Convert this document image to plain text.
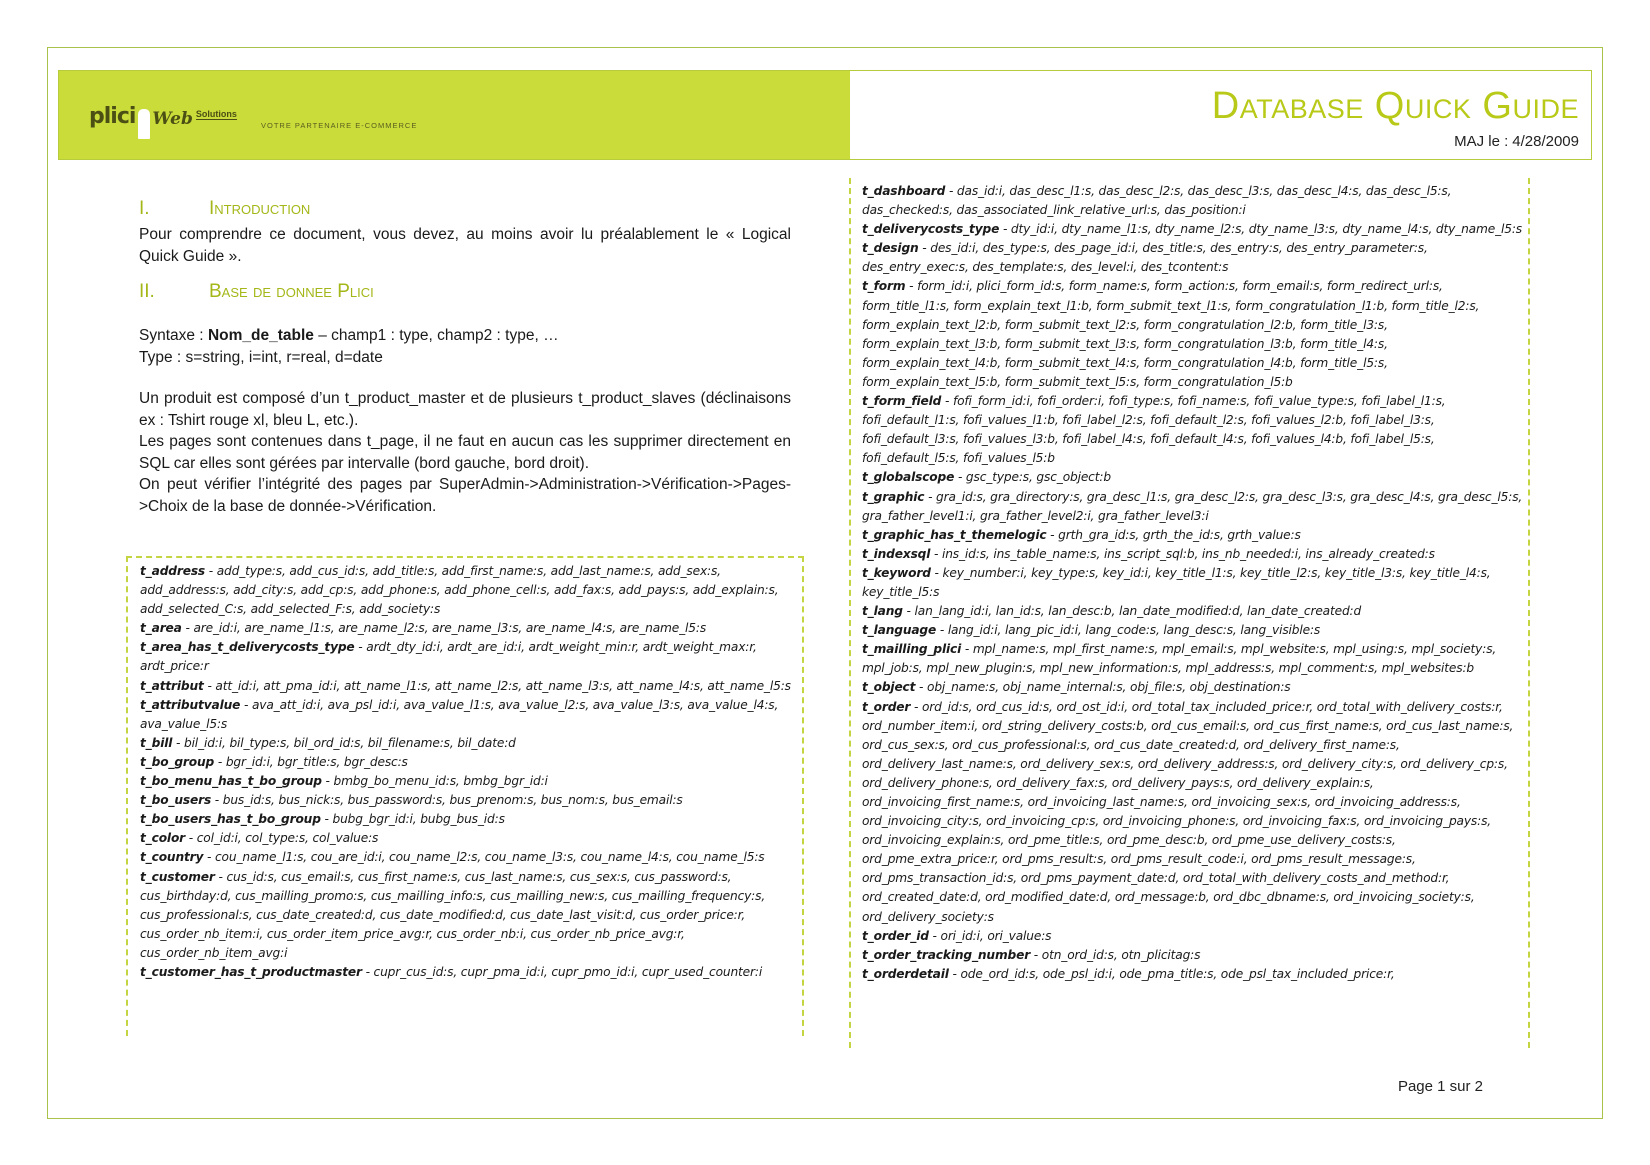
plici Web Solutions
VOTRE PARTENAIRE E-COMMERCE	Database Quick Guide
MAJ le : 4/28/2009
I.	Introduction

Pour comprendre ce document, vous devez, au moins avoir lu préalablement le « Logical Quick Guide ».

II.	Base de donnee Plici

Syntaxe : Nom_de_table – champ1 : type, champ2 : type, …

Type : s=string, i=int, r=real, d=date

Un produit est composé d’un t_product_master et de plusieurs t_product_slaves (déclinaisons ex : Tshirt rouge xl, bleu L, etc.).

Les pages sont contenues dans t_page, il ne faut en aucun cas les supprimer directement en SQL car elles sont gérées par intervalle (bord gauche, bord droit).

On peut vérifier l’intégrité des pages par SuperAdmin->Administration->Vérification->Pages->Choix de la base de donnée->Vérification.

t_address - add_type:s, add_cus_id:s, add_title:s, add_first_name:s, add_last_name:s, add_sex:s, add_address:s, add_city:s, add_cp:s, add_phone:s, add_phone_cell:s, add_fax:s, add_pays:s, add_explain:s, add_selected_C:s, add_selected_F:s, add_society:s

t_area - are_id:i, are_name_l1:s, are_name_l2:s, are_name_l3:s, are_name_l4:s, are_name_l5:s

t_area_has_t_deliverycosts_type - ardt_dty_id:i, ardt_are_id:i, ardt_weight_min:r, ardt_weight_max:r, ardt_price:r

t_attribut - att_id:i, att_pma_id:i, att_name_l1:s, att_name_l2:s, att_name_l3:s, att_name_l4:s, att_name_l5:s

t_attributvalue - ava_att_id:i, ava_psl_id:i, ava_value_l1:s, ava_value_l2:s, ava_value_l3:s, ava_value_l4:s, ava_value_l5:s

t_bill - bil_id:i, bil_type:s, bil_ord_id:s, bil_filename:s, bil_date:d

t_bo_group - bgr_id:i, bgr_title:s, bgr_desc:s

t_bo_menu_has_t_bo_group - bmbg_bo_menu_id:s, bmbg_bgr_id:i

t_bo_users - bus_id:s, bus_nick:s, bus_password:s, bus_prenom:s, bus_nom:s, bus_email:s

t_bo_users_has_t_bo_group - bubg_bgr_id:i, bubg_bus_id:s

t_color - col_id:i, col_type:s, col_value:s

t_country - cou_name_l1:s, cou_are_id:i, cou_name_l2:s, cou_name_l3:s, cou_name_l4:s, cou_name_l5:s

t_customer - cus_id:s, cus_email:s, cus_first_name:s, cus_last_name:s, cus_sex:s, cus_password:s, cus_birthday:d, cus_mailling_promo:s, cus_mailling_info:s, cus_mailling_new:s, cus_mailling_frequency:s, cus_professional:s, cus_date_created:d, cus_date_modified:d, cus_date_last_visit:d, cus_order_price:r, cus_order_nb_item:i, cus_order_item_price_avg:r, cus_order_nb:i, cus_order_nb_price_avg:r, cus_order_nb_item_avg:i

t_customer_has_t_productmaster - cupr_cus_id:s, cupr_pma_id:i, cupr_pmo_id:i, cupr_used_counter:i

t_dashboard - das_id:i, das_desc_l1:s, das_desc_l2:s, das_desc_l3:s, das_desc_l4:s, das_desc_l5:s, das_checked:s, das_associated_link_relative_url:s, das_position:i

t_deliverycosts_type - dty_id:i, dty_name_l1:s, dty_name_l2:s, dty_name_l3:s, dty_name_l4:s, dty_name_l5:s

t_design - des_id:i, des_type:s, des_page_id:i, des_title:s, des_entry:s, des_entry_parameter:s, des_entry_exec:s, des_template:s, des_level:i, des_tcontent:s

t_form - form_id:i, plici_form_id:s, form_name:s, form_action:s, form_email:s, form_redirect_url:s, form_title_l1:s, form_explain_text_l1:b, form_submit_text_l1:s, form_congratulation_l1:b, form_title_l2:s, form_explain_text_l2:b, form_submit_text_l2:s, form_congratulation_l2:b, form_title_l3:s, form_explain_text_l3:b, form_submit_text_l3:s, form_congratulation_l3:b, form_title_l4:s, form_explain_text_l4:b, form_submit_text_l4:s, form_congratulation_l4:b, form_title_l5:s, form_explain_text_l5:b, form_submit_text_l5:s, form_congratulation_l5:b

t_form_field - fofi_form_id:i, fofi_order:i, fofi_type:s, fofi_name:s, fofi_value_type:s, fofi_label_l1:s, fofi_default_l1:s, fofi_values_l1:b, fofi_label_l2:s, fofi_default_l2:s, fofi_values_l2:b, fofi_label_l3:s, fofi_default_l3:s, fofi_values_l3:b, fofi_label_l4:s, fofi_default_l4:s, fofi_values_l4:b, fofi_label_l5:s, fofi_default_l5:s, fofi_values_l5:b

t_globalscope - gsc_type:s, gsc_object:b

t_graphic - gra_id:s, gra_directory:s, gra_desc_l1:s, gra_desc_l2:s, gra_desc_l3:s, gra_desc_l4:s, gra_desc_l5:s, gra_father_level1:i, gra_father_level2:i, gra_father_level3:i

t_graphic_has_t_themelogic - grth_gra_id:s, grth_the_id:s, grth_value:s

t_indexsql - ins_id:s, ins_table_name:s, ins_script_sql:b, ins_nb_needed:i, ins_already_created:s

t_keyword - key_number:i, key_type:s, key_id:i, key_title_l1:s, key_title_l2:s, key_title_l3:s, key_title_l4:s, key_title_l5:s

t_lang - lan_lang_id:i, lan_id:s, lan_desc:b, lan_date_modified:d, lan_date_created:d

t_language - lang_id:i, lang_pic_id:i, lang_code:s, lang_desc:s, lang_visible:s

t_mailling_plici - mpl_name:s, mpl_first_name:s, mpl_email:s, mpl_website:s, mpl_using:s, mpl_society:s, mpl_job:s, mpl_new_plugin:s, mpl_new_information:s, mpl_address:s, mpl_comment:s, mpl_websites:b

t_object - obj_name:s, obj_name_internal:s, obj_file:s, obj_destination:s

t_order - ord_id:s, ord_cus_id:s, ord_ost_id:i, ord_total_tax_included_price:r, ord_total_with_delivery_costs:r, ord_number_item:i, ord_string_delivery_costs:b, ord_cus_email:s, ord_cus_first_name:s, ord_cus_last_name:s, ord_cus_sex:s, ord_cus_professional:s, ord_cus_date_created:d, ord_delivery_first_name:s, ord_delivery_last_name:s, ord_delivery_sex:s, ord_delivery_address:s, ord_delivery_city:s, ord_delivery_cp:s, ord_delivery_phone:s, ord_delivery_fax:s, ord_delivery_pays:s, ord_delivery_explain:s, ord_invoicing_first_name:s, ord_invoicing_last_name:s, ord_invoicing_sex:s, ord_invoicing_address:s, ord_invoicing_city:s, ord_invoicing_cp:s, ord_invoicing_phone:s, ord_invoicing_fax:s, ord_invoicing_pays:s, ord_invoicing_explain:s, ord_pme_title:s, ord_pme_desc:b, ord_pme_use_delivery_costs:s, ord_pme_extra_price:r, ord_pms_result:s, ord_pms_result_code:i, ord_pms_result_message:s, ord_pms_transaction_id:s, ord_pms_payment_date:d, ord_total_with_delivery_costs_and_method:r, ord_created_date:d, ord_modified_date:d, ord_message:b, ord_dbc_dbname:s, ord_invoicing_society:s, ord_delivery_society:s

t_order_id - ori_id:i, ori_value:s

t_order_tracking_number - otn_ord_id:s, otn_plicitag:s

t_orderdetail - ode_ord_id:s, ode_psl_id:i, ode_pma_title:s, ode_psl_tax_included_price:r,

Page 1 sur 2
